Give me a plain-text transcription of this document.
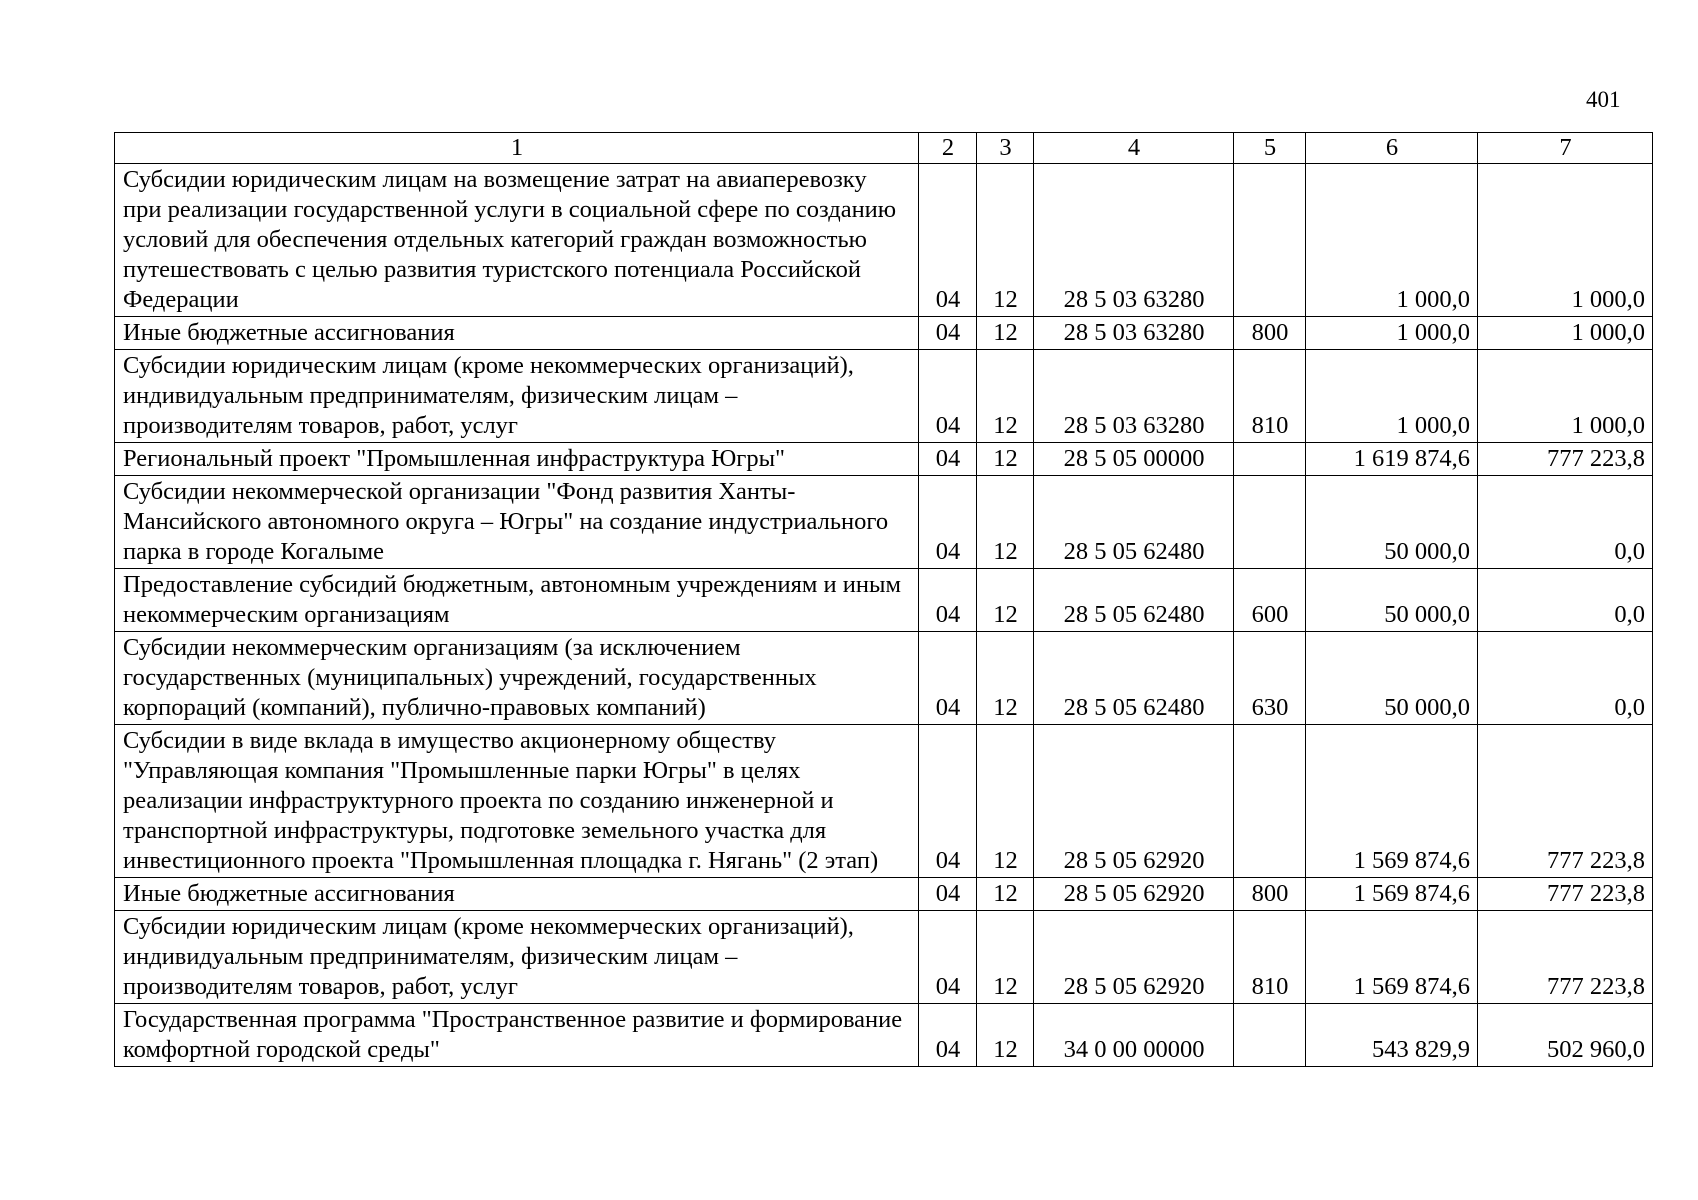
401
1	2	3	4	5	6	7
Субсидии юридическим лицам на возмещение затрат на авиаперевозку при реализации государственной услуги в социальной сфере по созданию условий для обеспечения отдельных категорий граждан возможностью путешествовать с целью развития туристского потенциала Российской Федерации	04	12	28 5 03 63280		1 000,0	1 000,0
Иные бюджетные ассигнования	04	12	28 5 03 63280	800	1 000,0	1 000,0
Субсидии юридическим лицам (кроме некоммерческих организаций), индивидуальным предпринимателям, физическим лицам – производителям товаров, работ, услуг	04	12	28 5 03 63280	810	1 000,0	1 000,0
Региональный проект "Промышленная инфраструктура Югры"	04	12	28 5 05 00000		1 619 874,6	777 223,8
Субсидии некоммерческой организации "Фонд развития Ханты-Мансийского автономного округа – Югры" на создание индустриального парка в городе Когалыме	04	12	28 5 05 62480		50 000,0	0,0
Предоставление субсидий бюджетным, автономным учреждениям и иным некоммерческим организациям	04	12	28 5 05 62480	600	50 000,0	0,0
Субсидии некоммерческим организациям (за исключением государственных (муниципальных) учреждений, государственных корпораций (компаний), публично-правовых компаний)	04	12	28 5 05 62480	630	50 000,0	0,0
Субсидии в виде вклада в имущество акционерному обществу "Управляющая компания "Промышленные парки Югры" в целях реализации инфраструктурного проекта по созданию инженерной и транспортной инфраструктуры, подготовке земельного участка для инвестиционного проекта "Промышленная площадка г. Нягань" (2 этап)	04	12	28 5 05 62920		1 569 874,6	777 223,8
Иные бюджетные ассигнования	04	12	28 5 05 62920	800	1 569 874,6	777 223,8
Субсидии юридическим лицам (кроме некоммерческих организаций), индивидуальным предпринимателям, физическим лицам – производителям товаров, работ, услуг	04	12	28 5 05 62920	810	1 569 874,6	777 223,8
Государственная программа "Пространственное развитие и формирование комфортной городской среды"	04	12	34 0 00 00000		543 829,9	502 960,0
